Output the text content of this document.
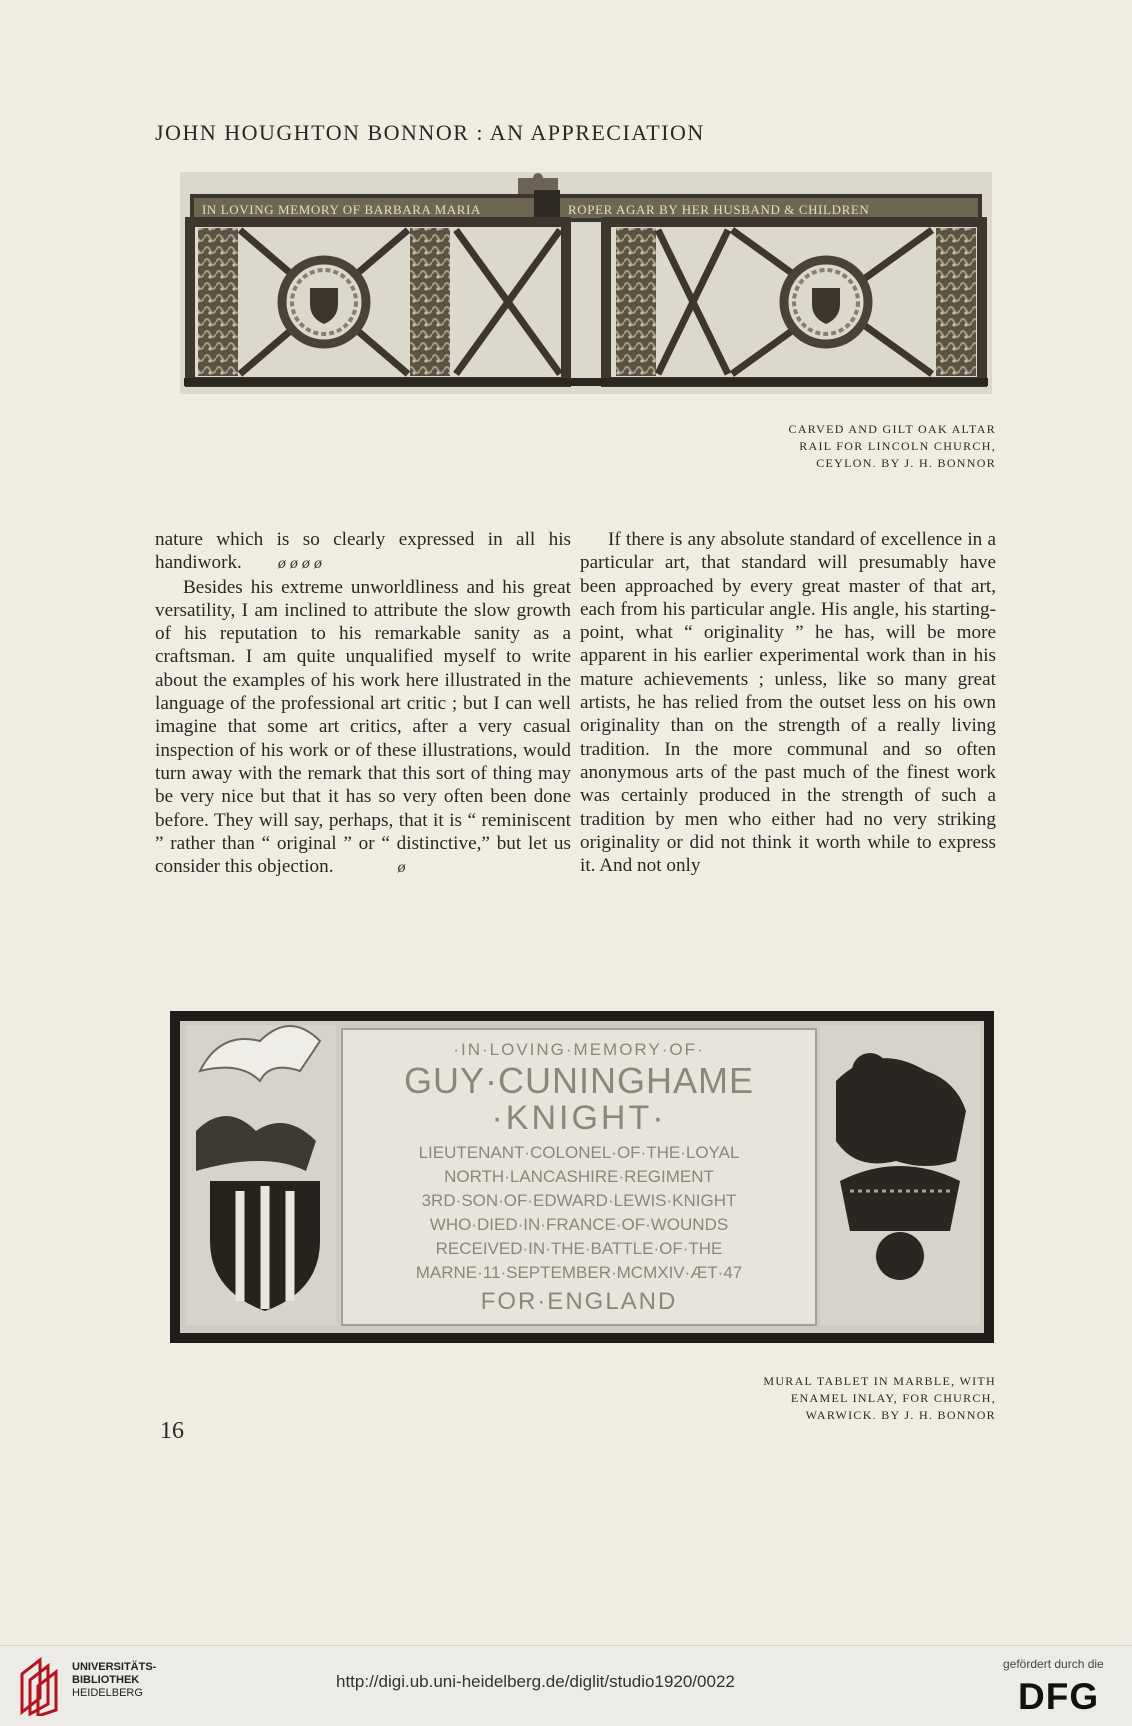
JOHN HOUGHTON BONNOR : AN APPRECIATION
IN LOVING MEMORY OF BARBARA MARIA	ROPER AGAR BY HER HUSBAND & CHILDREN
CARVED AND GILT OAK ALTAR
RAIL FOR LINCOLN CHURCH,
CEYLON. BY J. H. BONNOR

nature which is so clearly expressed in all his handiwork. ø ø ø ø

Besides his extreme unworldliness and his great versatility, I am inclined to attribute the slow growth of his reputation to his remarkable sanity as a craftsman. I am quite unqualified myself to write about the examples of his work here illustrated in the language of the professional art critic ; but I can well imagine that some art critics, after a very casual inspection of his work or of these illustrations, would turn away with the remark that this sort of thing may be very nice but that it has so very often been done before. They will say, perhaps, that it is “ reminiscent ” rather than “ original ” or “ distinctive,” but let us consider this objection.	ø

If there is any absolute standard of excellence in a particular art, that standard will presumably have been approached by every great master of that art, each from his particular angle. His angle, his starting-point, what “ originality ” he has, will be more apparent in his earlier experimental work than in his mature achievements ; unless, like so many great artists, he has relied from the outset less on his own originality than on the strength of a really living tradition. In the more communal and so often anonymous arts of the past much of the finest work was certainly produced in the strength of such a tradition by men who either had no very striking originality or did not think it worth while to express it. And not only

·IN·LOVING·MEMORY·OF·
GUY·CUNINGHAME
·KNIGHT·
LIEUTENANT·COLONEL·OF·THE·LOYAL
NORTH·LANCASHIRE·REGIMENT
3RD·SON·OF·EDWARD·LEWIS·KNIGHT
WHO·DIED·IN·FRANCE·OF·WOUNDS
RECEIVED·IN·THE·BATTLE·OF·THE
MARNE·11·SEPTEMBER·MCMXIV·ÆT·47
FOR·ENGLAND
MURAL TABLET IN MARBLE, WITH
ENAMEL INLAY, FOR CHURCH,
WARWICK. BY J. H. BONNOR
16
UNIVERSITÄTS-
BIBLIOTHEK
HEIDELBERG
http://digi.ub.uni-heidelberg.de/diglit/studio1920/0022
gefördert durch die
DFG
